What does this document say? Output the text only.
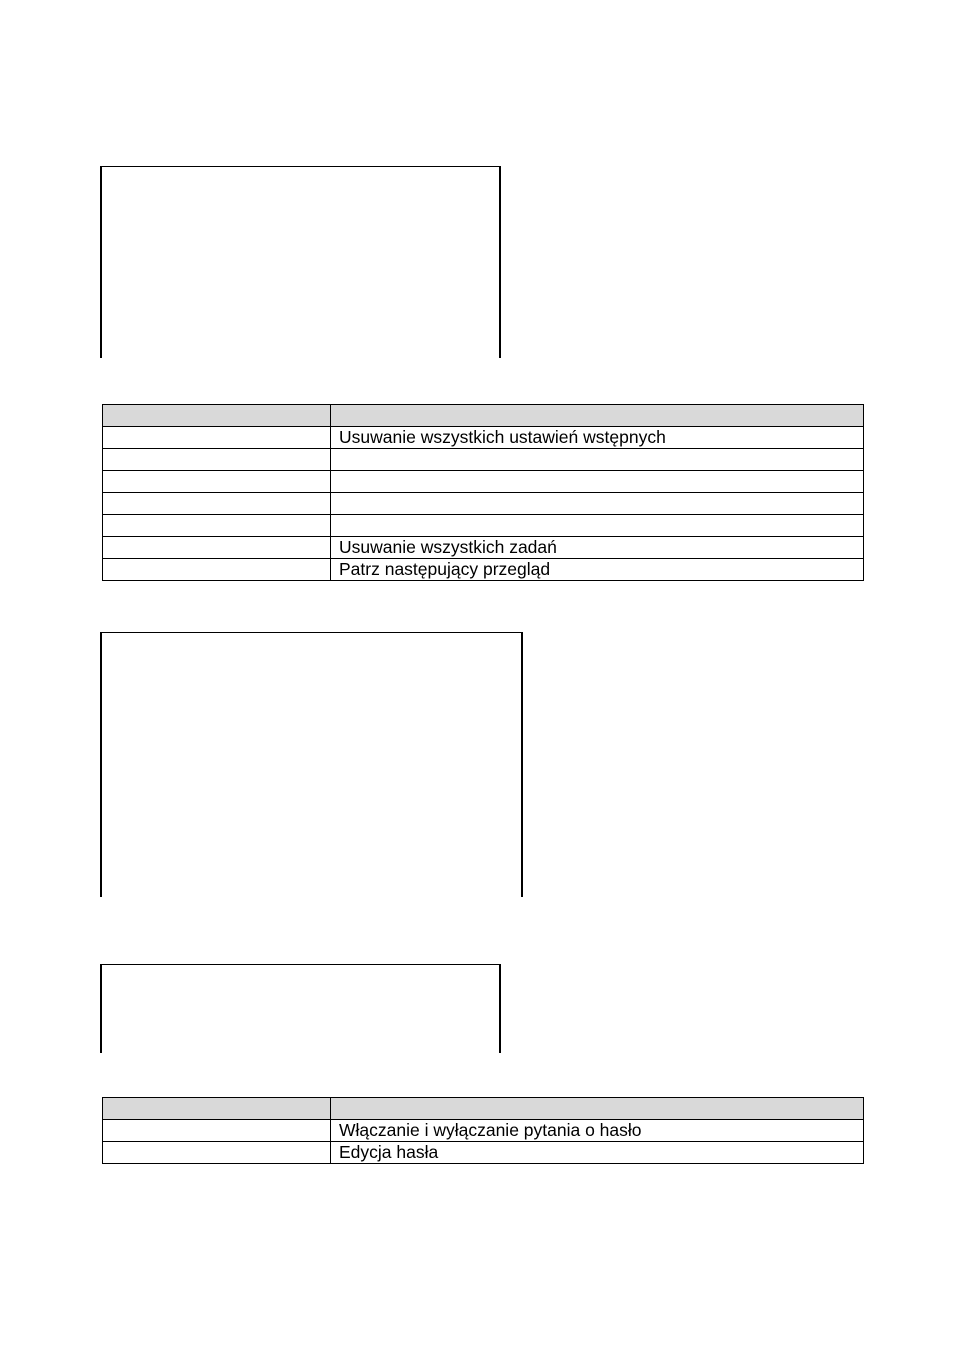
	Usuwanie wszystkich ustawień wstępnych

	Usuwanie wszystkich zadań
	Patrz następujący przegląd

	Włączanie i wyłączanie pytania o hasło
	Edycja hasła
